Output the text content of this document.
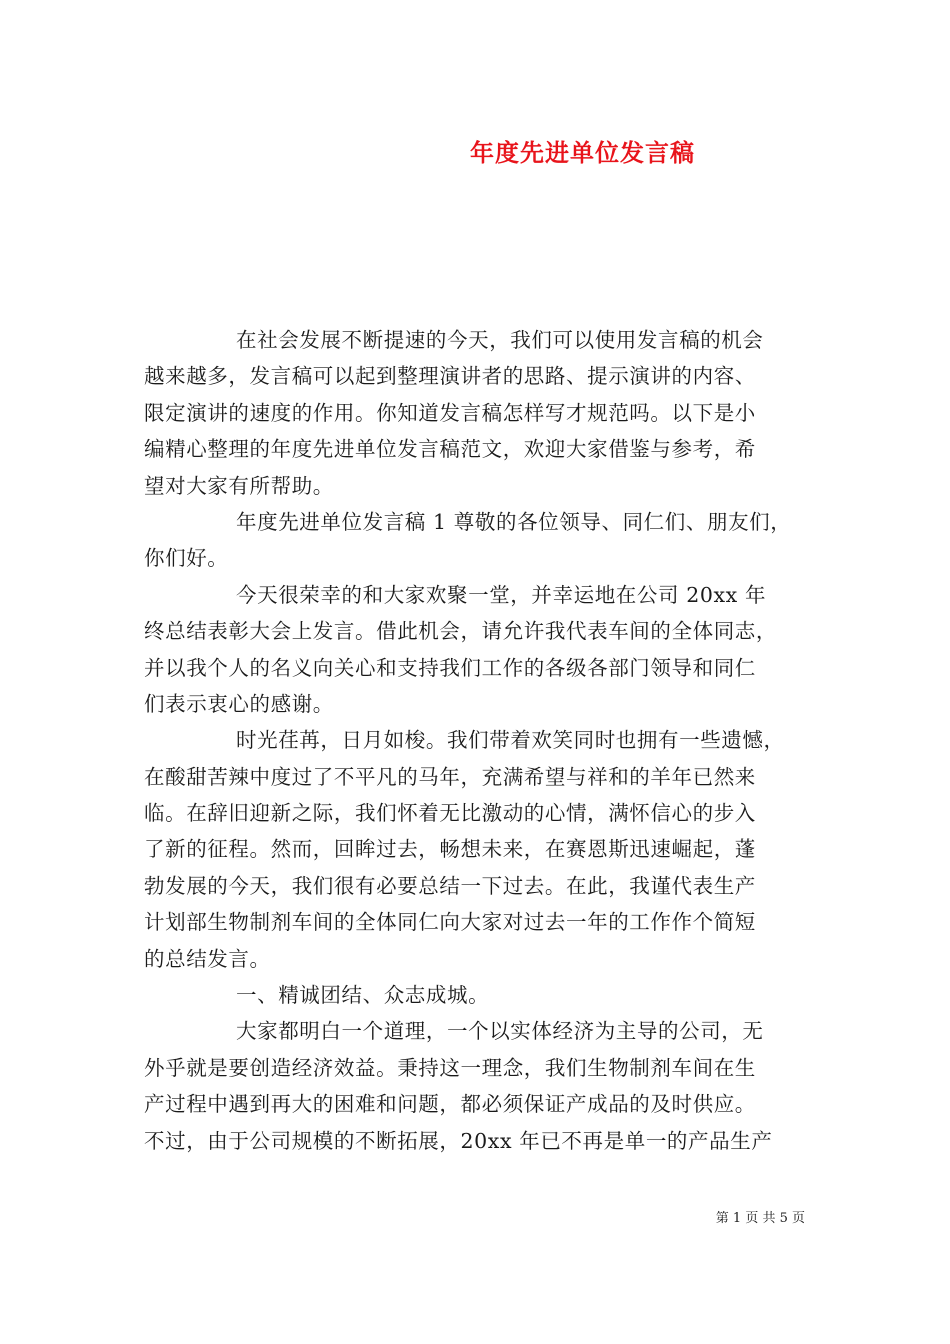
年度先进单位发言稿
在社会发展不断提速的今天，我们可以使用发言稿的机会
越来越多，发言稿可以起到整理演讲者的思路、提示演讲的内容、
限定演讲的速度的作用。你知道发言稿怎样写才规范吗。以下是小
编精心整理的年度先进单位发言稿范文，欢迎大家借鉴与参考，希
望对大家有所帮助。
年度先进单位发言稿 1 尊敬的各位领导、同仁们、朋友们，
你们好。
今天很荣幸的和大家欢聚一堂，并幸运地在公司 20xx 年
终总结表彰大会上发言。借此机会，请允许我代表车间的全体同志，
并以我个人的名义向关心和支持我们工作的各级各部门领导和同仁
们表示衷心的感谢。
时光荏苒，日月如梭。我们带着欢笑同时也拥有一些遗憾，
在酸甜苦辣中度过了不平凡的马年，充满希望与祥和的羊年已然来
临。在辞旧迎新之际，我们怀着无比激动的心情，满怀信心的步入
了新的征程。然而，回眸过去，畅想未来，在赛恩斯迅速崛起，蓬
勃发展的今天，我们很有必要总结一下过去。在此，我谨代表生产
计划部生物制剂车间的全体同仁向大家对过去一年的工作作个简短
的总结发言。
一、精诚团结、众志成城。
大家都明白一个道理，一个以实体经济为主导的公司，无
外乎就是要创造经济效益。秉持这一理念，我们生物制剂车间在生
产过程中遇到再大的困难和问题，都必须保证产成品的及时供应。
不过，由于公司规模的不断拓展，20xx 年已不再是单一的产品生产
第 1 页 共 5 页
